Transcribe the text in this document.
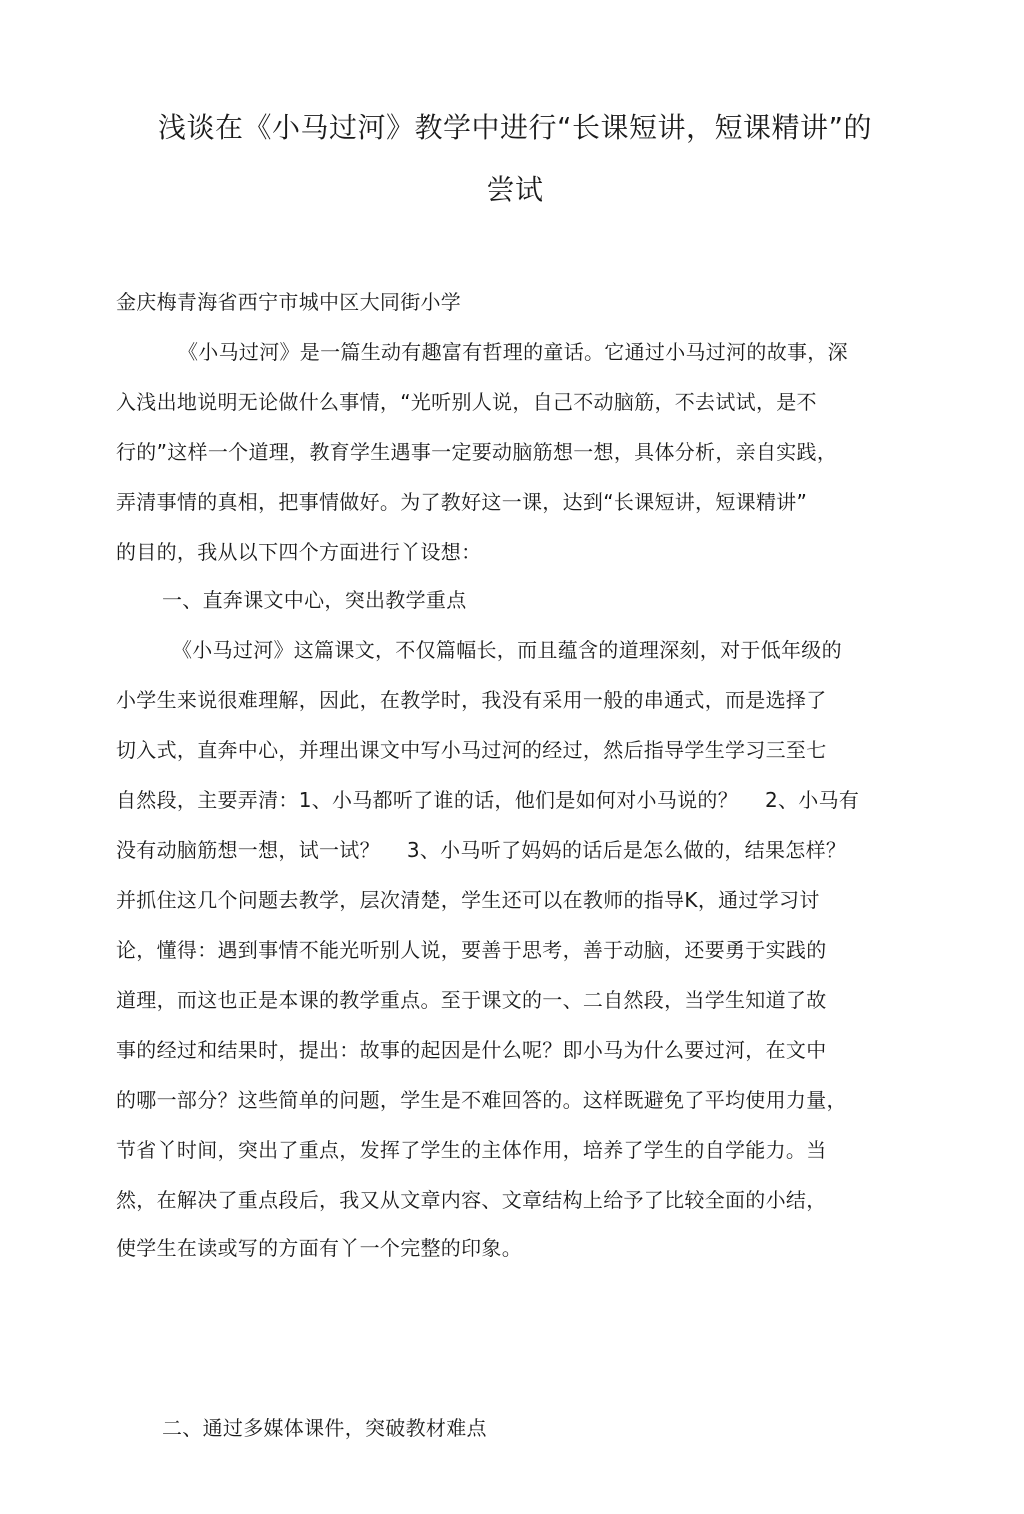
浅谈在《小马过河》教学中进行“长课短讲，短课精讲”的
尝试
金庆梅青海省西宁市城中区大同街小学
《小马过河》是一篇生动有趣富有哲理的童话。它通过小马过河的故事，深
入浅出地说明无论做什么事情，“光听别人说，自己不动脑筋，不去试试，是不
行的”这样一个道理，教育学生遇事一定要动脑筋想一想，具体分析，亲自实践，
弄清事情的真相，把事情做好。为了教好这一课，达到“长课短讲，短课精讲”
的目的，我从以下四个方面进行丫设想：
一、直奔课文中心，突出教学重点
《小马过河》这篇课文，不仅篇幅长，而且蕴含的道理深刻，对于低年级的
小学生来说很难理解，因此，在教学时，我没有采用一般的串通式，而是选择了
切入式，直奔中心，并理出课文中写小马过河的经过，然后指导学生学习三至七
自然段，主要弄清：1、小马都听了谁的话，他们是如何对小马说的？　 2、小马有
没有动脑筋想一想，试一试？　 3、小马听了妈妈的话后是怎么做的，结果怎样？
并抓住这几个问题去教学，层次清楚，学生还可以在教师的指导K，通过学习讨
论，懂得：遇到事情不能光听别人说，要善于思考，善于动脑，还要勇于实践的
道理，而这也正是本课的教学重点。至于课文的一、二自然段，当学生知道了故
事的经过和结果时，提出：故事的起因是什么呢？即小马为什么要过河，在文中
的哪一部分？这些简单的问题，学生是不难回答的。这样既避免了平均使用力量，
节省丫时间，突出了重点，发挥了学生的主体作用，培养了学生的自学能力。当
然，在解决了重点段后，我又从文章内容、文章结构上给予了比较全面的小结，
使学生在读或写的方面有丫一个完整的印象。
二、通过多媒体课件，突破教材难点
